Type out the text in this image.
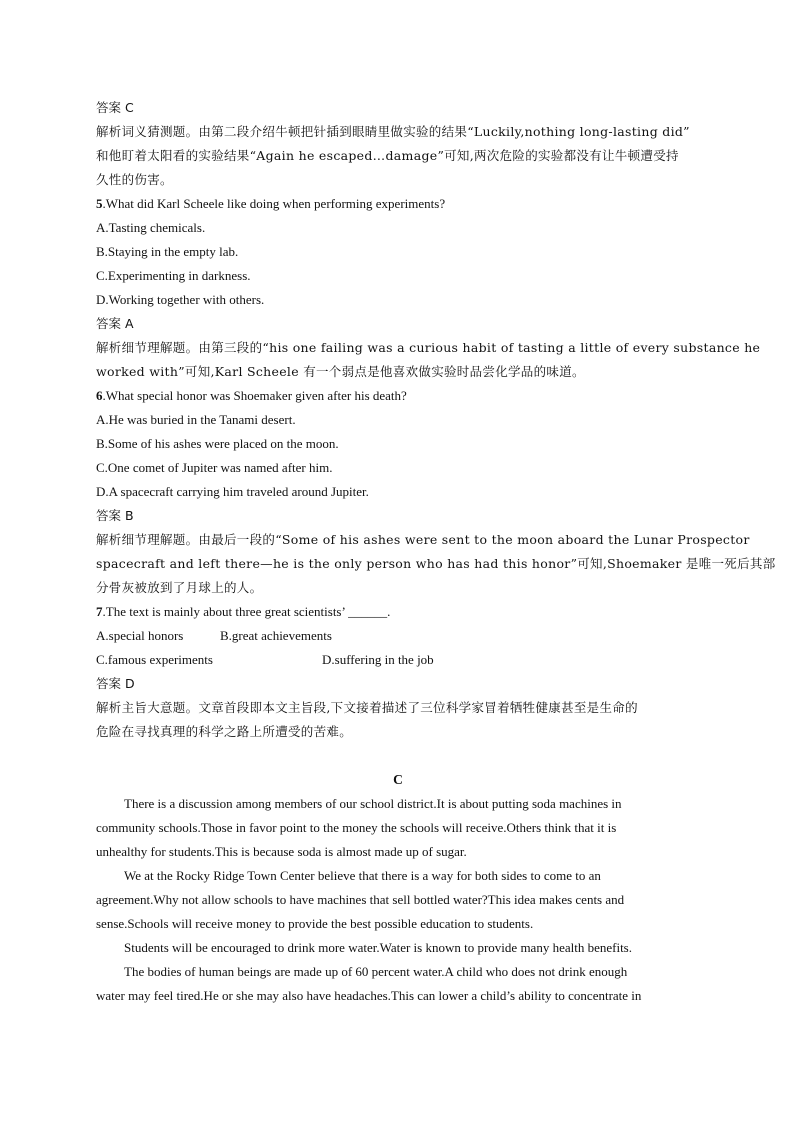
答案 C
解析词义猜测题。由第二段介绍牛顿把针插到眼睛里做实验的结果“Luckily,nothing long-lasting did”
和他盯着太阳看的实验结果“Again he escaped…damage”可知,两次危险的实验都没有让牛顿遭受持
久性的伤害。
5.What did Karl Scheele like doing when performing experiments?
A.Tasting chemicals.
B.Staying in the empty lab.
C.Experimenting in darkness.
D.Working together with others.
答案 A
解析细节理解题。由第三段的“his one failing was a curious habit of tasting a little of every substance he
worked with”可知,Karl Scheele 有一个弱点是他喜欢做实验时品尝化学品的味道。
6.What special honor was Shoemaker given after his death?
A.He was buried in the Tanami desert.
B.Some of his ashes were placed on the moon.
C.One comet of Jupiter was named after him.
D.A spacecraft carrying him traveled around Jupiter.
答案 B
解析细节理解题。由最后一段的“Some of his ashes were sent to the moon aboard the Lunar Prospector
spacecraft and left there—he is the only person who has had this honor”可知,Shoemaker 是唯一死后其部
分骨灰被放到了月球上的人。
7.The text is mainly about three great scientists’ ______.
A.special honors	B.great achievements
C.famous experiments	D.suffering in the job
答案 D
解析主旨大意题。文章首段即本文主旨段,下文接着描述了三位科学家冒着牺牲健康甚至是生命的
危险在寻找真理的科学之路上所遭受的苦难。
C
There is a discussion among members of our school district.It is about putting soda machines in
community schools.Those in favor point to the money the schools will receive.Others think that it is
unhealthy for students.This is because soda is almost made up of sugar.
We at the Rocky Ridge Town Center believe that there is a way for both sides to come to an
agreement.Why not allow schools to have machines that sell bottled water?This idea makes cents and
sense.Schools will receive money to provide the best possible education to students.
Students will be encouraged to drink more water.Water is known to provide many health benefits.
The bodies of human beings are made up of 60 percent water.A child who does not drink enough
water may feel tired.He or she may also have headaches.This can lower a child’s ability to concentrate in
